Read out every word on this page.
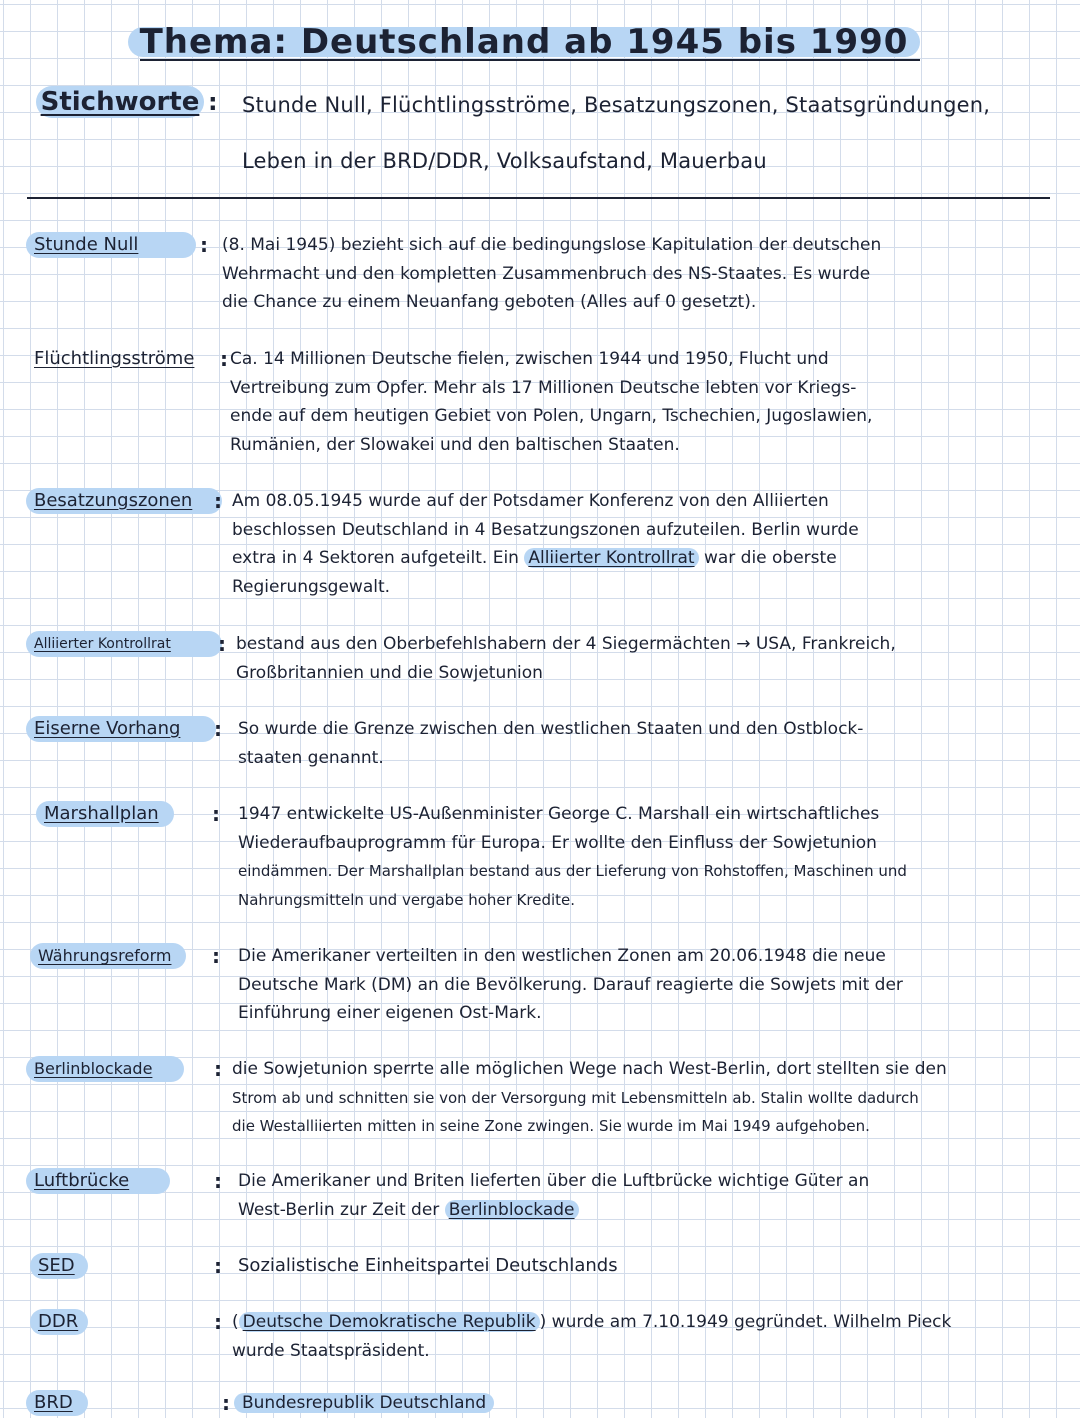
Thema: Deutschland ab 1945 bis 1990
Stichworte : Stunde Null, Flüchtlingsströme, Besatzungszonen, Staatsgründungen,
Leben in der BRD/DDR, Volksaufstand, Mauerbau
Stunde Null	: (8. Mai 1945) bezieht sich auf die bedingungslose Kapitulation der deutschen
Wehrmacht und den kompletten Zusammenbruch des NS-Staates. Es wurde
die Chance zu einem Neuanfang geboten (Alles auf 0 gesetzt).
Flüchtlingsströme	: Ca. 14 Millionen Deutsche fielen, zwischen 1944 und 1950, Flucht und
Vertreibung zum Opfer. Mehr als 17 Millionen Deutsche lebten vor Kriegs-
ende auf dem heutigen Gebiet von Polen, Ungarn, Tschechien, Jugoslawien,
Rumänien, der Slowakei und den baltischen Staaten.
Besatzungszonen	: Am 08.05.1945 wurde auf der Potsdamer Konferenz von den Alliierten
beschlossen Deutschland in 4 Besatzungszonen aufzuteilen. Berlin wurde
extra in 4 Sektoren aufgeteilt. Ein Alliierter Kontrollrat war die oberste
Regierungsgewalt.
Alliierter Kontrollrat	: bestand aus den Oberbefehlshabern der 4 Siegermächten → USA, Frankreich,
Großbritannien und die Sowjetunion
Eiserne Vorhang	: So wurde die Grenze zwischen den westlichen Staaten und den Ostblock-
staaten genannt.
Marshallplan	: 1947 entwickelte US-Außenminister George C. Marshall ein wirtschaftliches
Wiederaufbauprogramm für Europa. Er wollte den Einfluss der Sowjetunion
eindämmen. Der Marshallplan bestand aus der Lieferung von Rohstoffen, Maschinen und
Nahrungsmitteln und vergabe hoher Kredite.
Währungsreform	: Die Amerikaner verteilten in den westlichen Zonen am 20.06.1948 die neue
Deutsche Mark (DM) an die Bevölkerung. Darauf reagierte die Sowjets mit der
Einführung einer eigenen Ost-Mark.
Berlinblockade	: die Sowjetunion sperrte alle möglichen Wege nach West-Berlin, dort stellten sie den
Strom ab und schnitten sie von der Versorgung mit Lebensmitteln ab. Stalin wollte dadurch
die Westalliierten mitten in seine Zone zwingen. Sie wurde im Mai 1949 aufgehoben.
Luftbrücke	: Die Amerikaner und Briten lieferten über die Luftbrücke wichtige Güter an
West-Berlin zur Zeit der Berlinblockade
SED	: Sozialistische Einheitspartei Deutschlands
DDR	: ( Deutsche Demokratische Republik ) wurde am 7.10.1949 gegründet. Wilhelm Pieck
wurde Staatspräsident.
BRD	: Bundesrepublik Deutschland
